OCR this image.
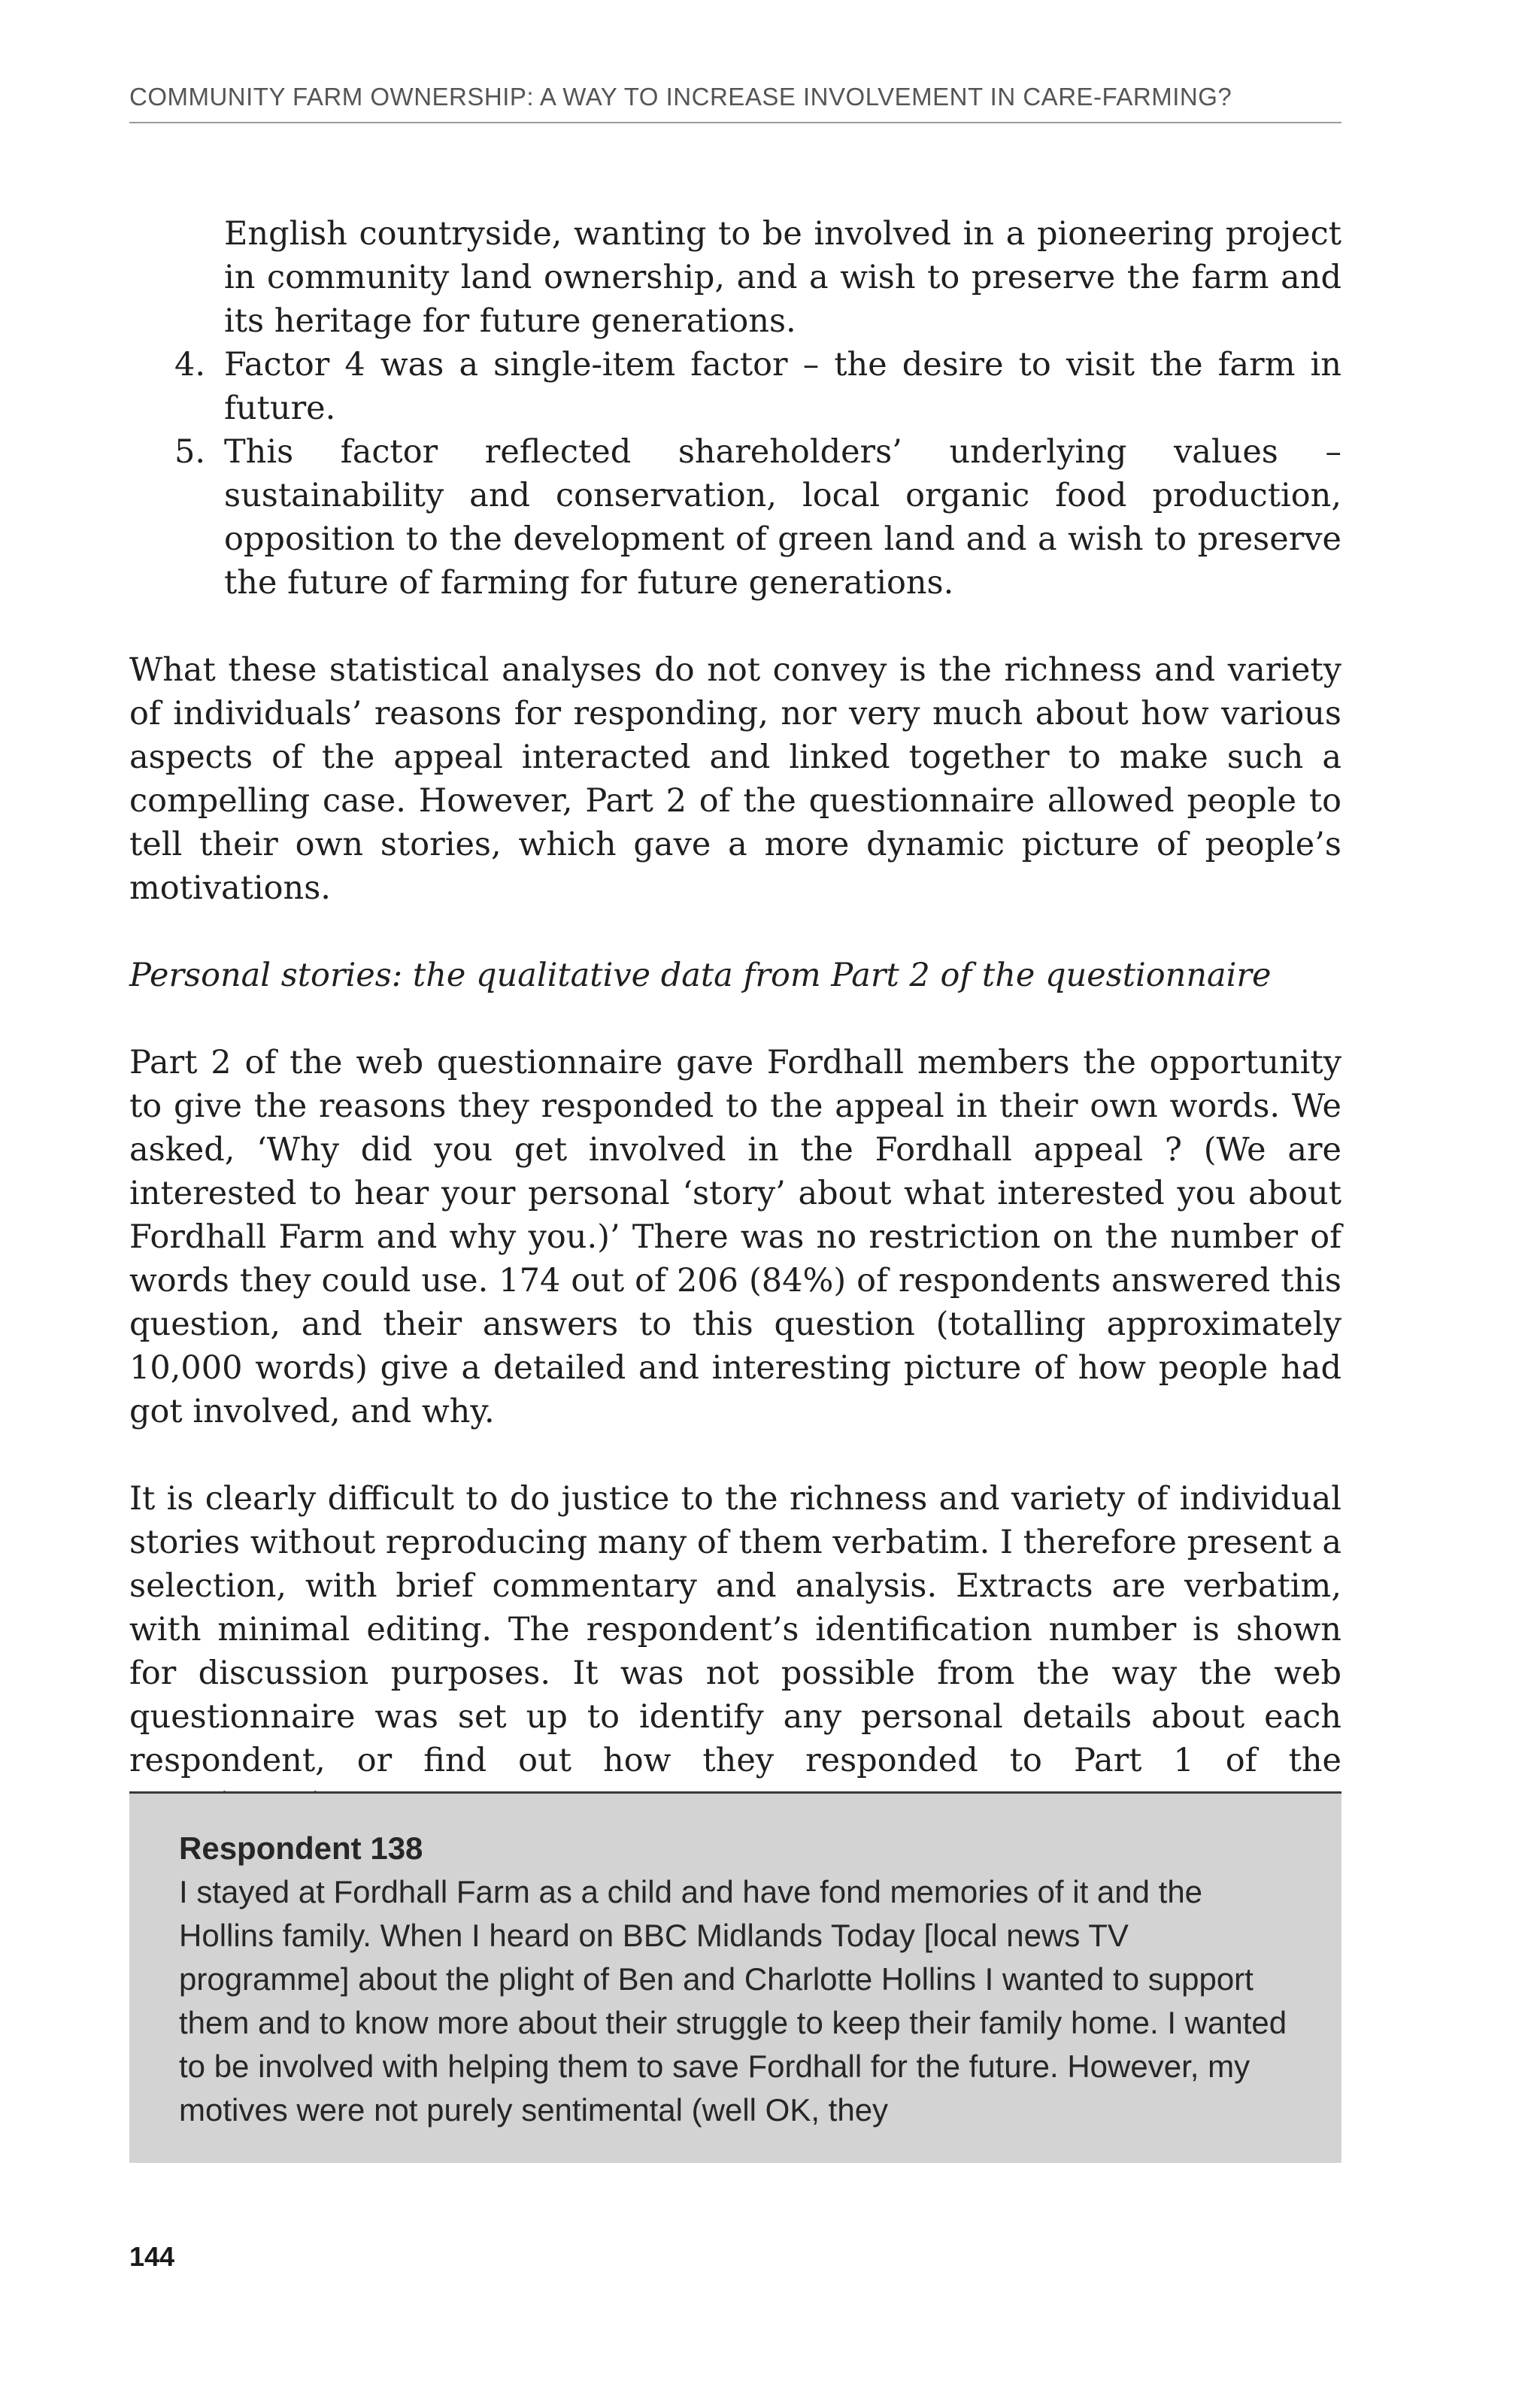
COMMUNITY FARM OWNERSHIP: A WAY TO INCREASE INVOLVEMENT IN CARE-FARMING?

English countryside, wanting to be involved in a pioneering project in community land ownership, and a wish to preserve the farm and its heritage for future generations.

4. Factor 4 was a single-item factor – the desire to visit the farm in future.
5. This factor reflected shareholders’ underlying values – sustainability and conservation, local organic food production, opposition to the development of green land and a wish to preserve the future of farming for future generations.

What these statistical analyses do not convey is the richness and variety of individuals’ reasons for responding, nor very much about how various aspects of the appeal interacted and linked together to make such a compelling case. However, Part 2 of the questionnaire allowed people to tell their own stories, which gave a more dynamic picture of people’s motivations.

Personal stories: the qualitative data from Part 2 of the questionnaire

Part 2 of the web questionnaire gave Fordhall members the opportunity to give the reasons they responded to the appeal in their own words. We asked, ‘Why did you get involved in the Fordhall appeal ? (We are interested to hear your personal ‘story’ about what interested you about Fordhall Farm and why you.)’ There was no restriction on the number of words they could use. 174 out of 206 (84%) of respondents answered this question, and their answers to this question (totalling approximately 10,000 words) give a detailed and interesting picture of how people had got involved, and why.

It is clearly difficult to do justice to the richness and variety of individual stories without reproducing many of them verbatim. I therefore present a selection, with brief commentary and analysis. Extracts are verbatim, with minimal editing. The respondent’s identification number is shown for discussion purposes. It was not possible from the way the web questionnaire was set up to identify any personal details about each respondent, or find out how they responded to Part 1 of the

Respondent 138

I stayed at Fordhall Farm as a child and have fond memories of it and the Hollins family. When I heard on BBC Midlands Today [local news TV programme] about the plight of Ben and Charlotte Hollins I wanted to support them and to know more about their struggle to keep their family home. I wanted to be involved with helping them to save Fordhall for the future. However, my motives were not purely sentimental (well OK, they

144
